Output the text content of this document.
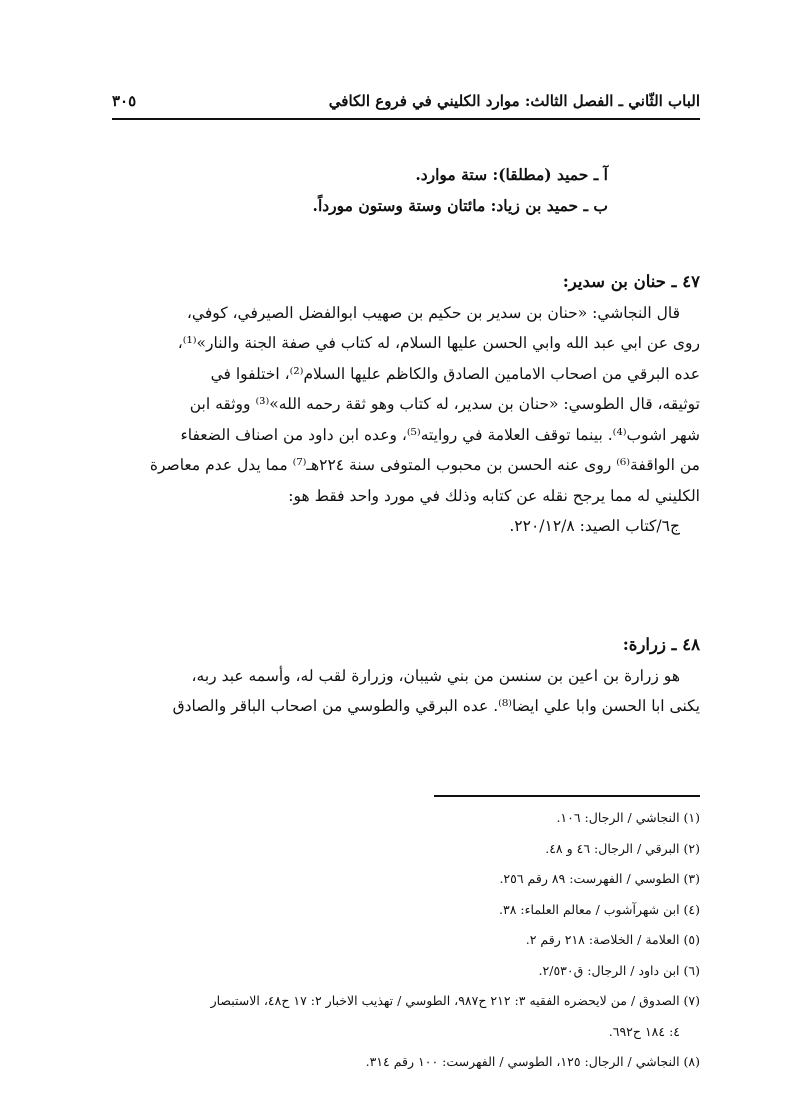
الباب الثّاني ـ الفصل الثالث: موارد الكليني في فروع الكافي
٣٠٥
آ ـ حميد (مطلقا): ستة موارد.
ب ـ حميد بن زياد: مائتان وستة وستون مورداً.
٤٧ ـ حنان بن سدير:
قال النجاشي: «حنان بن سدير بن حكيم بن صهيب ابوالفضل الصيرفي، كوفي،
روى عن ابي عبد الله وابي الحسن عليها السلام، له كتاب في صفة الجنة والنار»⁽¹⁾،
عده البرقي من اصحاب الامامين الصادق والكاظم عليها السلام⁽²⁾، اختلفوا في
توثيقه، قال الطوسي: «حنان بن سدير، له كتاب وهو ثقة رحمه الله»⁽³⁾ ووثقه ابن
شهر اشوب⁽⁴⁾. بينما توقف العلامة في روايته⁽⁵⁾، وعده ابن داود من اصناف الضعفاء
من الواقفة⁽⁶⁾ روى عنه الحسن بن محبوب المتوفى سنة ٢٢٤هـ⁽⁷⁾ مما يدل عدم معاصرة
الكليني له مما يرجح نقله عن كتابه وذلك في مورد واحد فقط هو:
ج٦/كتاب الصيد: ٢٢٠/١٢/٨.
٤٨ ـ زرارة:
هو زرارة بن اعين بن سنسن من بني شيبان، وزرارة لقب له، وأسمه عبد ربه،
يكنى ابا الحسن وابا علي ايضا⁽⁸⁾. عده البرقي والطوسي من اصحاب الباقر والصادق
(١) النجاشي / الرجال: ١٠٦.
(٢) البرقي / الرجال: ٤٦ و ٤٨.
(٣) الطوسي / الفهرست: ٨٩ رقم ٢٥٦.
(٤) ابن شهرآشوب / معالم العلماء: ٣٨.
(٥) العلامة / الخلاصة: ٢١٨ رقم ٢.
(٦) ابن داود / الرجال: ق٢/٥٣٠.
(٧) الصدوق / من لايحضره الفقيه ٣: ٢١٢ ح٩٨٧، الطوسي / تهذيب الاخبار ٢: ١٧ ح٤٨، الاستبصار
٤: ١٨٤ ح٦٩٢.
(٨) النجاشي / الرجال: ١٢٥، الطوسي / الفهرست: ١٠٠ رقم ٣١٤.
